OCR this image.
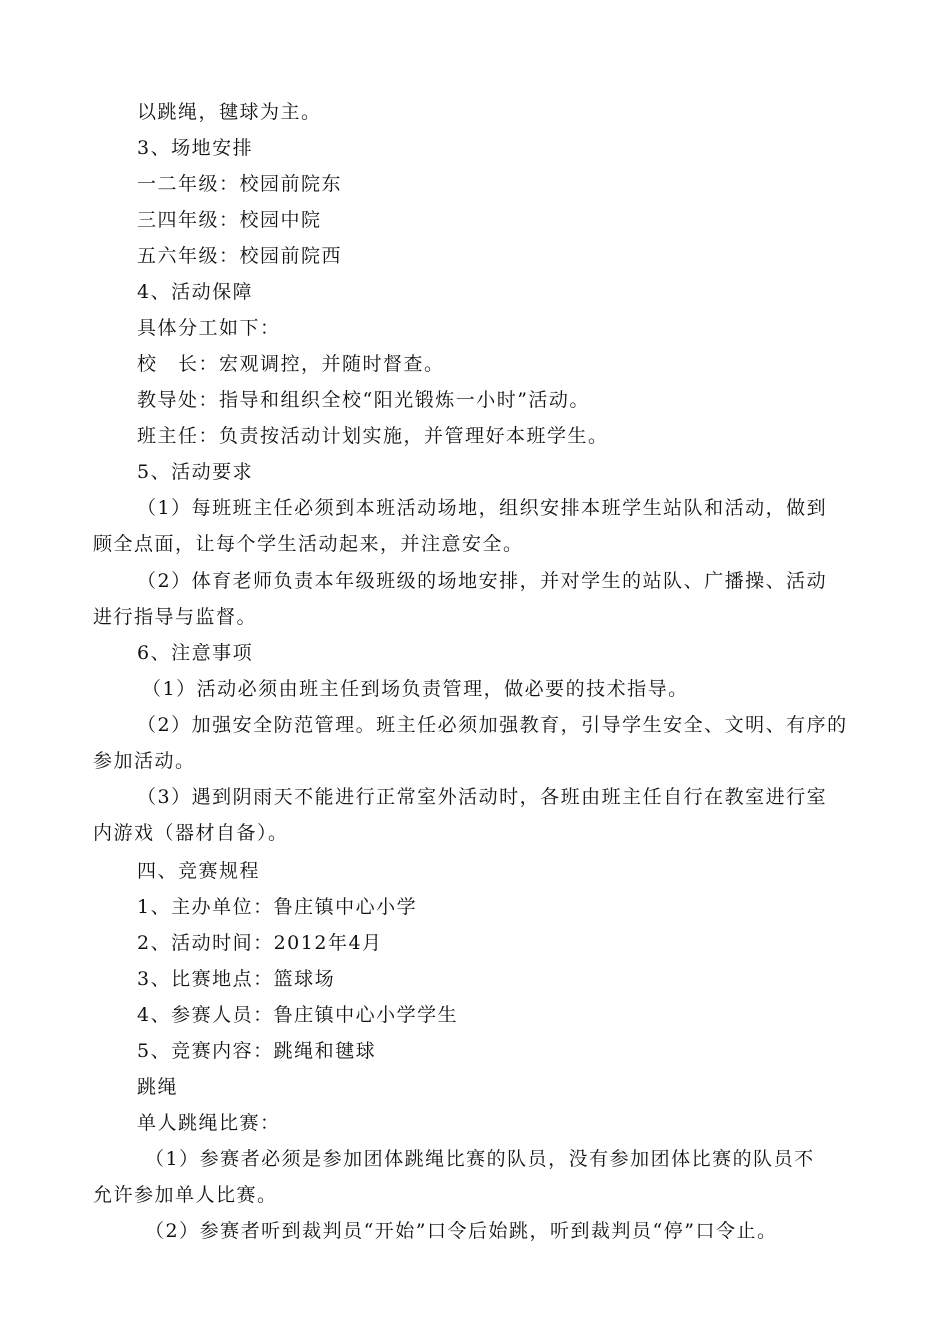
以跳绳，毽球为主。
3、场地安排
一二年级：校园前院东
三四年级：校园中院
五六年级：校园前院西
4、活动保障
具体分工如下：
校　长：宏观调控，并随时督查。
教导处：指导和组织全校“阳光锻炼一小时”活动。
班主任：负责按活动计划实施，并管理好本班学生。
5、活动要求
（1）每班班主任必须到本班活动场地，组织安排本班学生站队和活动，做到
顾全点面，让每个学生活动起来，并注意安全。
（2）体育老师负责本年级班级的场地安排，并对学生的站队、广播操、活动
进行指导与监督。
6、注意事项
（1）活动必须由班主任到场负责管理，做必要的技术指导。
（2）加强安全防范管理。班主任必须加强教育，引导学生安全、文明、有序的
参加活动。
（3）遇到阴雨天不能进行正常室外活动时，各班由班主任自行在教室进行室
内游戏（器材自备）。
四、竞赛规程
1、主办单位：鲁庄镇中心小学
2、活动时间：2012年4月
3、比赛地点：篮球场
4、参赛人员：鲁庄镇中心小学学生
5、竞赛内容：跳绳和毽球
跳绳
单人跳绳比赛：
（1）参赛者必须是参加团体跳绳比赛的队员，没有参加团体比赛的队员不
允许参加单人比赛。
（2）参赛者听到裁判员“开始”口令后始跳，听到裁判员“停”口令止。
